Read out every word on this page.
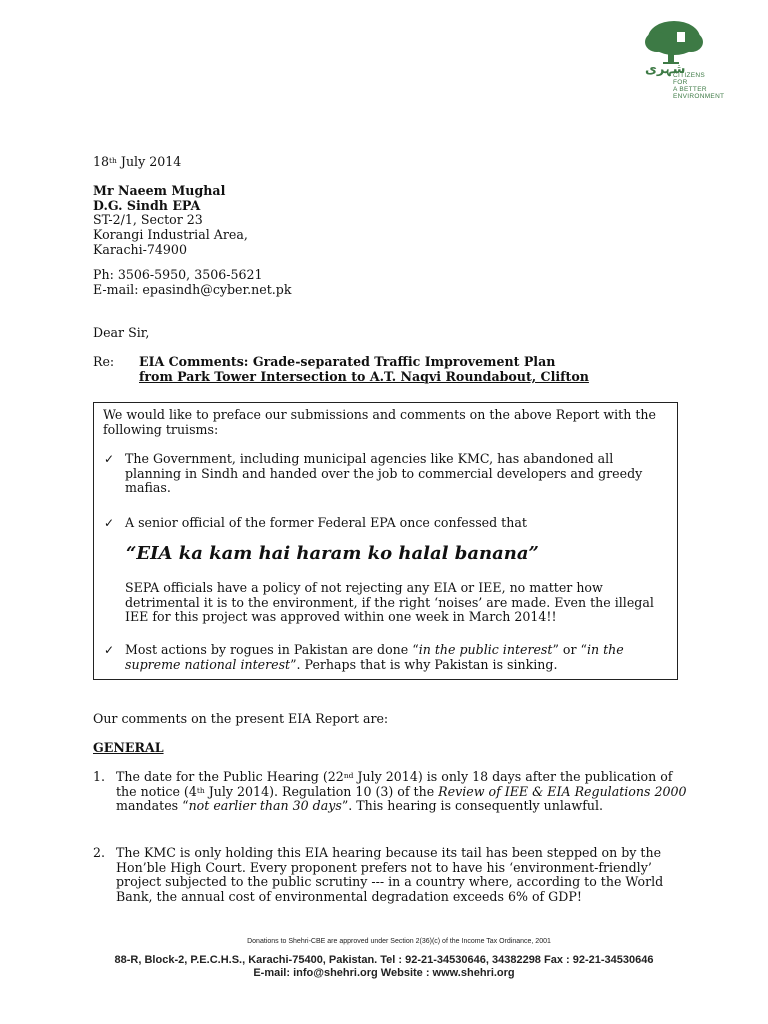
شہری
CITIZENS FOR
A BETTER
ENVIRONMENT
18th July 2014
Mr Naeem Mughal
D.G. Sindh EPA
ST-2/1, Sector 23
Korangi Industrial Area,
Karachi-74900
Ph: 3506-5950, 3506-5621
E-mail: epasindh@cyber.net.pk
Dear Sir,
Re: EIA Comments: Grade-separated Traffic Improvement Plan
from Park Tower Intersection to A.T. Naqvi Roundabout, Clifton
We would like to preface our submissions and comments on the above Report with the following truisms:
✓ The Government, including municipal agencies like KMC, has abandoned all planning in Sindh and handed over the job to commercial developers and greedy mafias.
✓ A senior official of the former Federal EPA once confessed that
“EIA ka kam hai haram ko halal banana”
SEPA officials have a policy of not rejecting any EIA or IEE, no matter how detrimental it is to the environment, if the right ‘noises’ are made. Even the illegal IEE for this project was approved within one week in March 2014!!
✓ Most actions by rogues in Pakistan are done “in the public interest” or “in the supreme national interest”. Perhaps that is why Pakistan is sinking.
Our comments on the present EIA Report are:
GENERAL
1. The date for the Public Hearing (22nd July 2014) is only 18 days after the publication of the notice (4th July 2014). Regulation 10 (3) of the Review of IEE & EIA Regulations 2000 mandates “not earlier than 30 days”. This hearing is consequently unlawful.
2. The KMC is only holding this EIA hearing because its tail has been stepped on by the Hon’ble High Court. Every proponent prefers not to have his ‘environment-friendly’ project subjected to the public scrutiny --- in a country where, according to the World Bank, the annual cost of environmental degradation exceeds 6% of GDP!
Donations to Shehri-CBE are approved under Section 2(36)(c) of the Income Tax Ordinance, 2001
88-R, Block-2, P.E.C.H.S., Karachi-75400, Pakistan. Tel : 92-21-34530646, 34382298 Fax : 92-21-34530646
E-mail: info@shehri.org Website : www.shehri.org
